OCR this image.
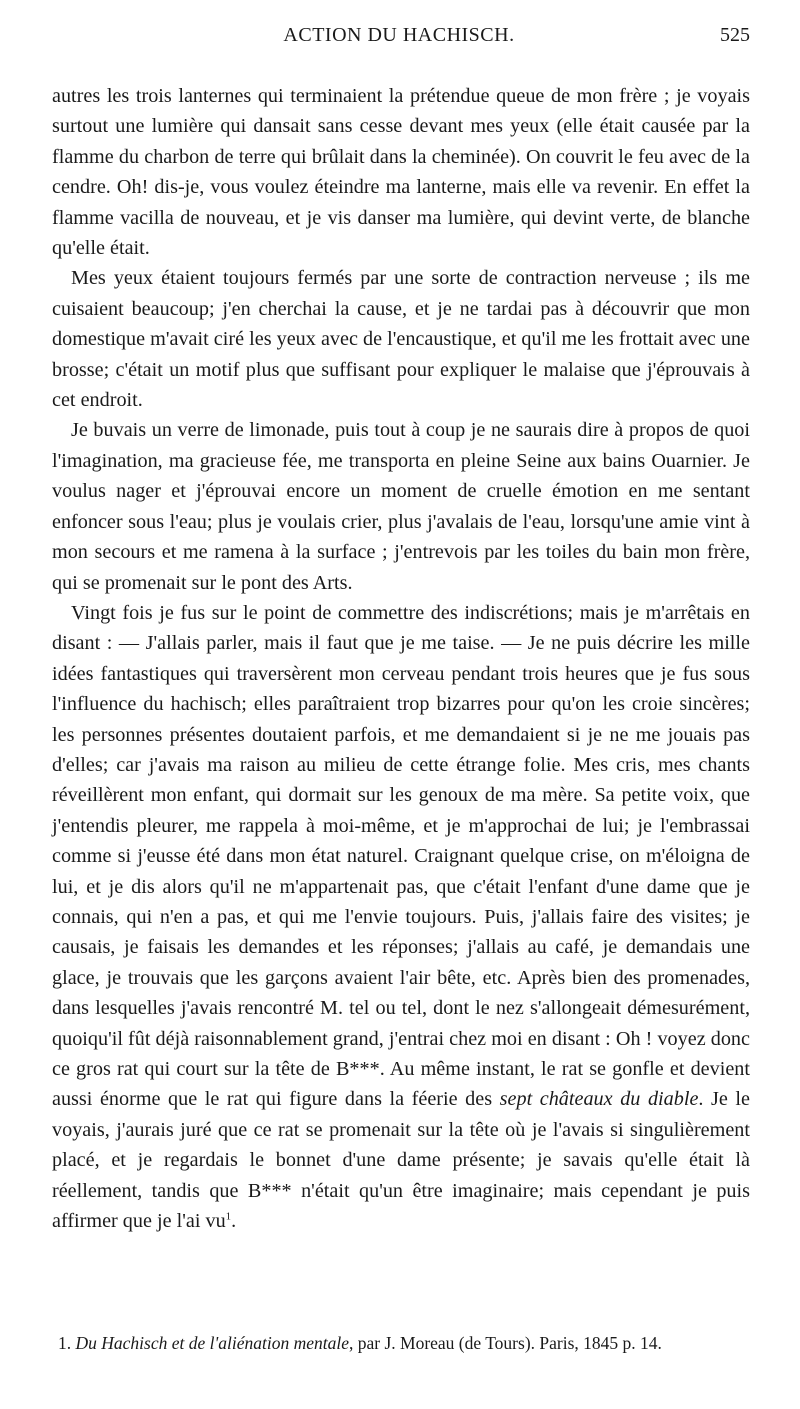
ACTION DU HACHISCH.	525

autres les trois lanternes qui terminaient la prétendue queue de mon frère ; je voyais surtout une lumière qui dansait sans cesse devant mes yeux (elle était causée par la flamme du charbon de terre qui brûlait dans la cheminée). On couvrit le feu avec de la cendre. Oh! dis-je, vous voulez éteindre ma lanterne, mais elle va revenir. En effet la flamme vacilla de nouveau, et je vis danser ma lumière, qui devint verte, de blanche qu'elle était.

Mes yeux étaient toujours fermés par une sorte de contraction nerveuse ; ils me cuisaient beaucoup; j'en cherchai la cause, et je ne tardai pas à découvrir que mon domestique m'avait ciré les yeux avec de l'encaustique, et qu'il me les frottait avec une brosse; c'était un motif plus que suffisant pour expliquer le malaise que j'éprouvais à cet endroit.

Je buvais un verre de limonade, puis tout à coup je ne saurais dire à propos de quoi l'imagination, ma gracieuse fée, me transporta en pleine Seine aux bains Ouarnier. Je voulus nager et j'éprouvai encore un moment de cruelle émotion en me sentant enfoncer sous l'eau; plus je voulais crier, plus j'avalais de l'eau, lorsqu'une amie vint à mon secours et me ramena à la surface ; j'entrevois par les toiles du bain mon frère, qui se promenait sur le pont des Arts.

Vingt fois je fus sur le point de commettre des indiscrétions; mais je m'arrêtais en disant : — J'allais parler, mais il faut que je me taise. — Je ne puis décrire les mille idées fantastiques qui traversèrent mon cerveau pendant trois heures que je fus sous l'influence du hachisch; elles paraîtraient trop bizarres pour qu'on les croie sincères; les personnes présentes doutaient parfois, et me demandaient si je ne me jouais pas d'elles; car j'avais ma raison au milieu de cette étrange folie. Mes cris, mes chants réveillèrent mon enfant, qui dormait sur les genoux de ma mère. Sa petite voix, que j'entendis pleurer, me rappela à moi-même, et je m'approchai de lui; je l'embrassai comme si j'eusse été dans mon état naturel. Craignant quelque crise, on m'éloigna de lui, et je dis alors qu'il ne m'appartenait pas, que c'était l'enfant d'une dame que je connais, qui n'en a pas, et qui me l'envie toujours. Puis, j'allais faire des visites; je causais, je faisais les demandes et les réponses; j'allais au café, je demandais une glace, je trouvais que les garçons avaient l'air bête, etc. Après bien des promenades, dans lesquelles j'avais rencontré M. tel ou tel, dont le nez s'allongeait démesurément, quoiqu'il fût déjà raisonnablement grand, j'entrai chez moi en disant : Oh ! voyez donc ce gros rat qui court sur la tête de B***. Au même instant, le rat se gonfle et devient aussi énorme que le rat qui figure dans la féerie des sept châteaux du diable. Je le voyais, j'aurais juré que ce rat se promenait sur la tête où je l'avais si singulièrement placé, et je regardais le bonnet d'une dame présente; je savais qu'elle était là réellement, tandis que B*** n'était qu'un être imaginaire; mais cependant je puis affirmer que je l'ai vu$^1$.

1. Du Hachisch et de l'aliénation mentale, par J. Moreau (de Tours). Paris, 1845 p. 14.
